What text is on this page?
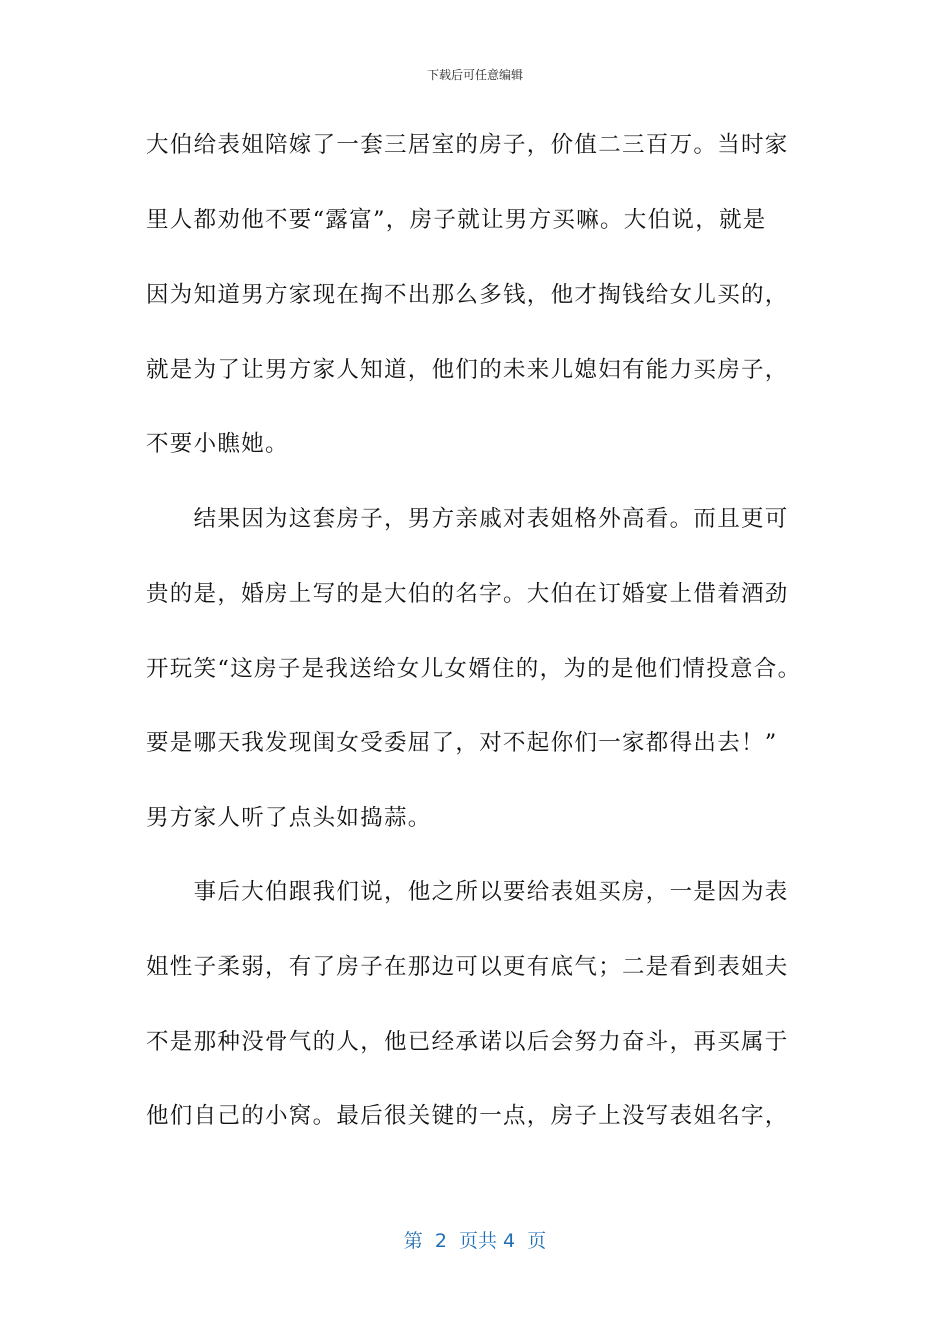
下载后可任意编辑
大伯给表姐陪嫁了一套三居室的房子，价值二三百万。当时家
里人都劝他不要“露富”，房子就让男方买嘛。大伯说，就是
因为知道男方家现在掏不出那么多钱，他才掏钱给女儿买的，
就是为了让男方家人知道，他们的未来儿媳妇有能力买房子，
不要小瞧她。
　　结果因为这套房子，男方亲戚对表姐格外高看。而且更可
贵的是，婚房上写的是大伯的名字。大伯在订婚宴上借着酒劲
开玩笑“这房子是我送给女儿女婿住的，为的是他们情投意合。
要是哪天我发现闺女受委屈了，对不起你们一家都得出去！”
男方家人听了点头如捣蒜。
　　事后大伯跟我们说，他之所以要给表姐买房，一是因为表
姐性子柔弱，有了房子在那边可以更有底气；二是看到表姐夫
不是那种没骨气的人，他已经承诺以后会努力奋斗，再买属于
他们自己的小窝。最后很关键的一点，房子上没写表姐名字，
第  2  页共 4  页
